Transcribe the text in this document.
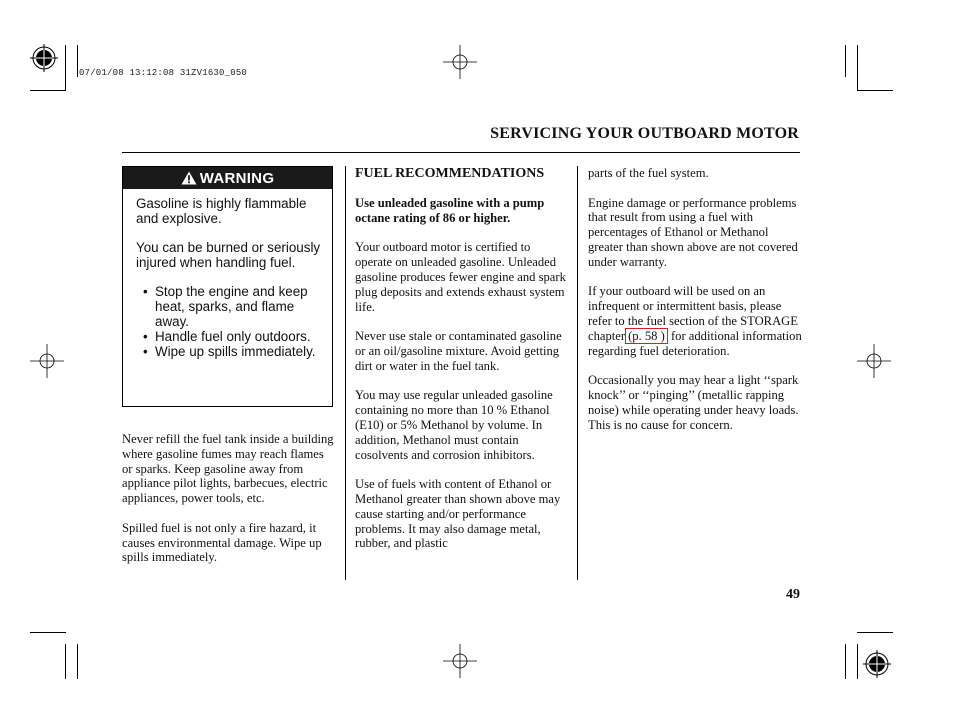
07/01/08 13:12:08 31ZV1630_050
SERVICING YOUR OUTBOARD MOTOR
WARNING

Gasoline is highly flammable and explosive.

You can be burned or seriously injured when handling fuel.

• Stop the engine and keep heat, sparks, and flame away.
• Handle fuel only outdoors.
• Wipe up spills immediately.

Never refill the fuel tank inside a building where gasoline fumes may reach flames or sparks. Keep gasoline away from appliance pilot lights, barbecues, electric appliances, power tools, etc.

Spilled fuel is not only a fire hazard, it causes environmental damage. Wipe up spills immediately.

FUEL RECOMMENDATIONS

Use unleaded gasoline with a pump octane rating of 86 or higher.

Your outboard motor is certified to operate on unleaded gasoline. Unleaded gasoline produces fewer engine and spark plug deposits and extends exhaust system life.

Never use stale or contaminated gasoline or an oil/gasoline mixture. Avoid getting dirt or water in the fuel tank.

You may use regular unleaded gasoline containing no more than 10 % Ethanol (E10) or 5% Methanol by volume. In addition, Methanol must contain cosolvents and corrosion inhibitors.

Use of fuels with content of Ethanol or Methanol greater than shown above may cause starting and/or performance problems. It may also damage metal, rubber, and plastic

parts of the fuel system.

Engine damage or performance problems that result from using a fuel with percentages of Ethanol or Methanol greater than shown above are not covered under warranty.

If your outboard will be used on an infrequent or intermittent basis, please refer to the fuel section of the STORAGE chapter (p. 58 ) for additional information regarding fuel deterioration.

Occasionally you may hear a light ‘‘spark knock’’ or ‘‘pinging’’ (metallic rapping noise) while operating under heavy loads. This is no cause for concern.

49
